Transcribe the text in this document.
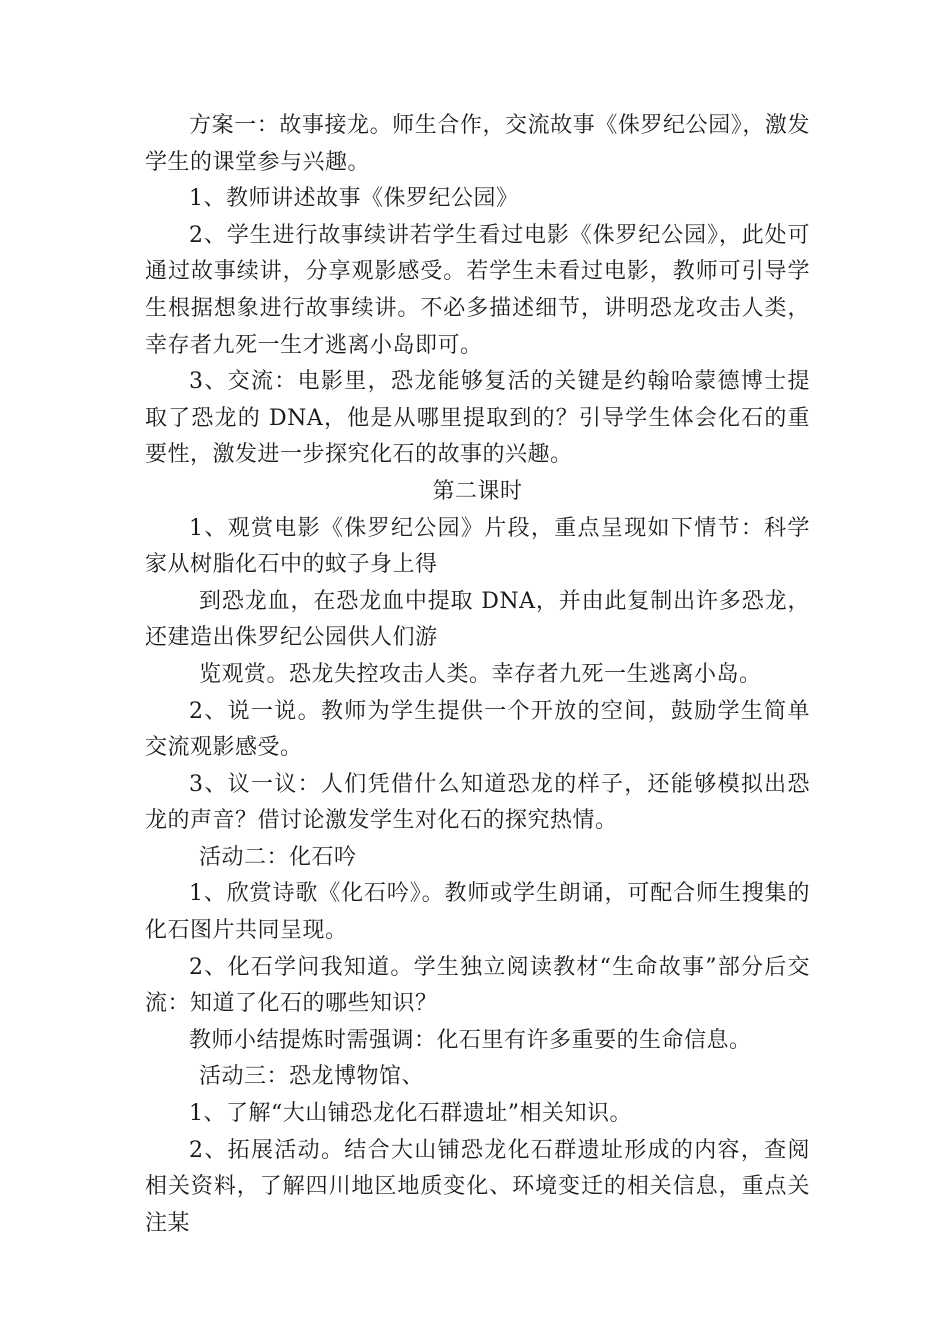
方案一：故事接龙。师生合作，交流故事《侏罗纪公园》，激发学生的课堂参与兴趣。

1、教师讲述故事《侏罗纪公园》

2、学生进行故事续讲若学生看过电影《侏罗纪公园》，此处可通过故事续讲，分享观影感受。若学生未看过电影，教师可引导学生根据想象进行故事续讲。不必多描述细节，讲明恐龙攻击人类，幸存者九死一生才逃离小岛即可。

3、交流：电影里，恐龙能够复活的关键是约翰哈蒙德博士提取了恐龙的 DNA，他是从哪里提取到的？引导学生体会化石的重要性，激发进一步探究化石的故事的兴趣。

第二课时

1、观赏电影《侏罗纪公园》片段，重点呈现如下情节：科学家从树脂化石中的蚊子身上得

到恐龙血，在恐龙血中提取 DNA，并由此复制出许多恐龙，还建造出侏罗纪公园供人们游

览观赏。恐龙失控攻击人类。幸存者九死一生逃离小岛。

2、说一说。教师为学生提供一个开放的空间，鼓励学生简单交流观影感受。

3、议一议：人们凭借什么知道恐龙的样子，还能够模拟出恐龙的声音？借讨论激发学生对化石的探究热情。

活动二：化石吟

1、欣赏诗歌《化石吟》。教师或学生朗诵，可配合师生搜集的化石图片共同呈现。

2、化石学问我知道。学生独立阅读教材“生命故事”部分后交流：知道了化石的哪些知识？

教师小结提炼时需强调：化石里有许多重要的生命信息。

活动三：恐龙博物馆、

1、了解“大山铺恐龙化石群遗址”相关知识。

2、拓展活动。结合大山铺恐龙化石群遗址形成的内容，查阅相关资料，了解四川地区地质变化、环境变迁的相关信息，重点关注某
